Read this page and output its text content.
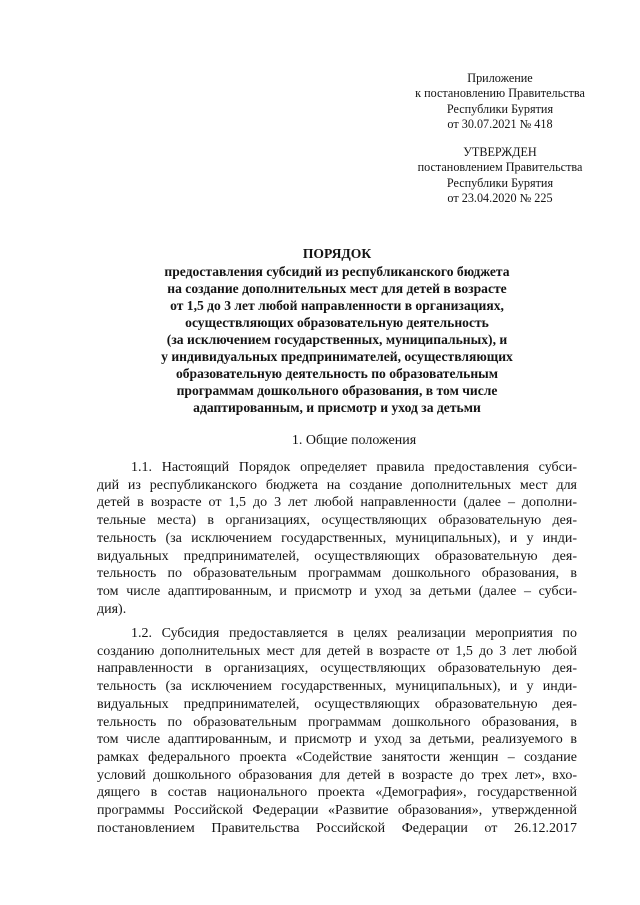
Приложение
к постановлению Правительства
Республики Бурятия
от 30.07.2021 № 418
УТВЕРЖДЕН
постановлением Правительства
Республики Бурятия
от 23.04.2020 № 225
ПОРЯДОК
предоставления субсидий из республиканского бюджета
на создание дополнительных мест для детей в возрасте
от 1,5 до 3 лет любой направленности в организациях,
осуществляющих образовательную деятельность
(за исключением государственных, муниципальных), и
у индивидуальных предпринимателей, осуществляющих
образовательную деятельность по образовательным
программам дошкольного образования, в том числе
адаптированным, и присмотр и уход за детьми
1. Общие положения
1.1. Настоящий Порядок определяет правила предоставления субси-
дий из республиканского бюджета на создание дополнительных мест для
детей в возрасте от 1,5 до 3 лет любой направленности (далее – дополни-
тельные места) в организациях, осуществляющих образовательную дея-
тельность (за исключением государственных, муниципальных), и у инди-
видуальных предпринимателей, осуществляющих образовательную дея-
тельность по образовательным программам дошкольного образования, в
том числе адаптированным, и присмотр и уход за детьми (далее – субси-
дия).
1.2. Субсидия предоставляется в целях реализации мероприятия по
созданию дополнительных мест для детей в возрасте от 1,5 до 3 лет любой
направленности в организациях, осуществляющих образовательную дея-
тельность (за исключением государственных, муниципальных), и у инди-
видуальных предпринимателей, осуществляющих образовательную дея-
тельность по образовательным программам дошкольного образования, в
том числе адаптированным, и присмотр и уход за детьми, реализуемого в
рамках федерального проекта «Содействие занятости женщин – создание
условий дошкольного образования для детей в возрасте до трех лет», вхо-
дящего в состав национального проекта «Демография», государственной
программы Российской Федерации «Развитие образования», утвержденной
постановлением Правительства Российской Федерации от 26.12.2017
